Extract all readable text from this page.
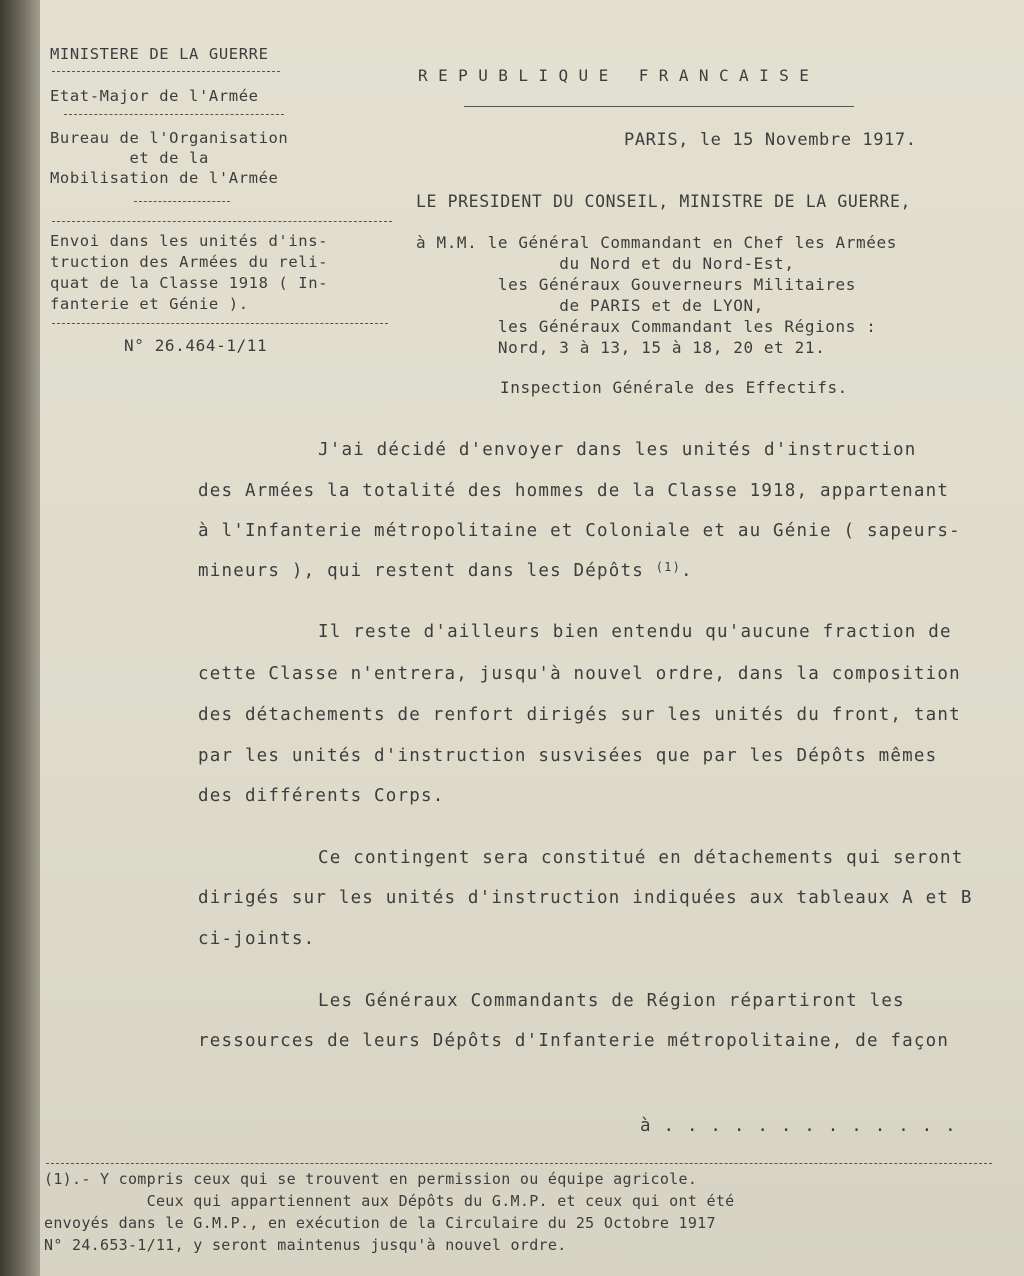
MINISTERE DE LA GUERRE
Etat-Major de l'Armée
Bureau de l'Organisation
et de la
Mobilisation de l'Armée
Envoi dans les unités d'ins-
truction des Armées du reli-
quat de la Classe 1918 ( In-
fanterie et Génie ).
N° 26.464-1/11
R E P U B L I Q U E   F R A N C A I S E
PARIS, le 15 Novembre 1917.
LE PRESIDENT DU CONSEIL, MINISTRE DE LA GUERRE,
à M.M. le Général Commandant en Chef les Armées
du Nord et du Nord-Est,
les Généraux Gouverneurs Militaires
de PARIS et de LYON,
les Généraux Commandant les Régions :
Nord, 3 à 13, 15 à 18, 20 et 21.
Inspection Générale des Effectifs.
J'ai décidé d'envoyer dans les unités d'instruction
des Armées la totalité des hommes de la Classe 1918, appartenant
à l'Infanterie métropolitaine et Coloniale et au Génie ( sapeurs-
mineurs ), qui restent dans les Dépôts $^{(1)}$.
Il reste d'ailleurs bien entendu qu'aucune fraction de
cette Classe n'entrera, jusqu'à nouvel ordre, dans la composition
des détachements de renfort dirigés sur les unités du front, tant
par les unités d'instruction susvisées que par les Dépôts mêmes
des différents Corps.
Ce contingent sera constitué en détachements qui seront
dirigés sur les unités d'instruction indiquées aux tableaux A et B
ci-joints.
Les Généraux Commandants de Région répartiront les
ressources de leurs Dépôts d'Infanterie métropolitaine, de façon
à . . . . . . . . . . . . .
(1).- Y compris ceux qui se trouvent en permission ou équipe agricole.
Ceux qui appartiennent aux Dépôts du G.M.P. et ceux qui ont été
envoyés dans le G.M.P., en exécution de la Circulaire du 25 Octobre 1917
N° 24.653-1/11, y seront maintenus jusqu'à nouvel ordre.
